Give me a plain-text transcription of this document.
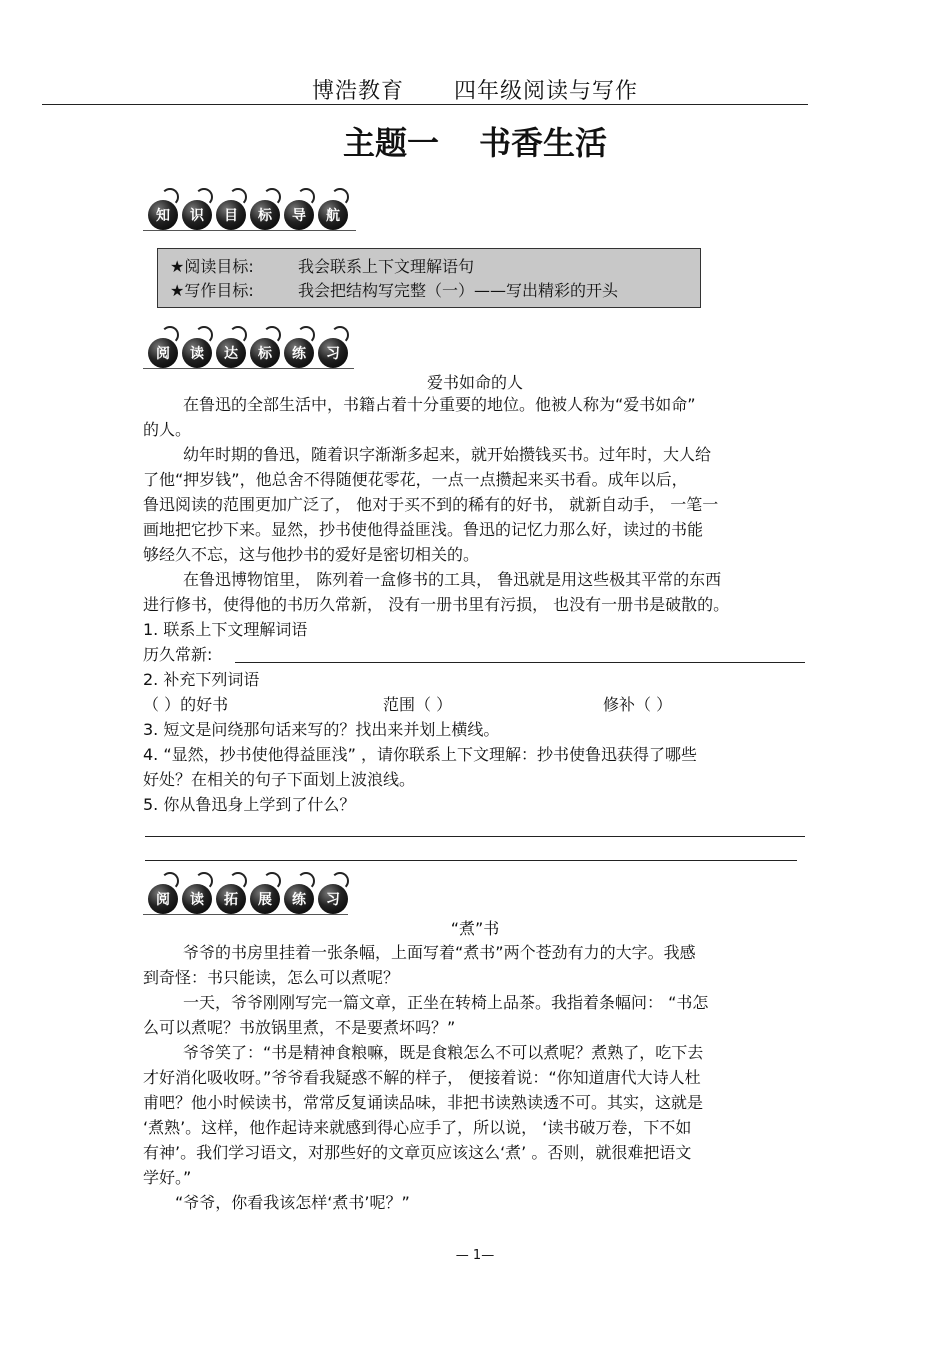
博浩教育 四年级阅读与写作
主题一 书香生活
知	识	目	标	导	航
★阅读目标:	我会联系上下文理解语句
★写作目标:	我会把结构写完整（一）——写出精彩的开头
阅	读	达	标	练	习
爱书如命的人
在鲁迅的全部生活中，书籍占着十分重要的地位。他被人称为“爱书如命”
的人。
幼年时期的鲁迅，随着识字渐渐多起来，就开始攒钱买书。过年时，大人给
了他“押岁钱”，他总舍不得随便花零花，一点一点攒起来买书看。成年以后，
鲁迅阅读的范围更加广泛了， 他对于买不到的稀有的好书， 就新自动手， 一笔一
画地把它抄下来。显然，抄书使他得益匪浅。鲁迅的记忆力那么好，读过的书能
够经久不忘，这与他抄书的爱好是密切相关的。
在鲁迅博物馆里， 陈列着一盒修书的工具， 鲁迅就是用这些极其平常的东西
进行修书，使得他的书历久常新， 没有一册书里有污损， 也没有一册书是破散的。
1. 联系上下文理解词语
历久常新:
2. 补充下列词语
（ ）的好书	范围（ ）	修补（ ）
3. 短文是问绕那句话来写的？找出来并划上横线。
4. “显然，抄书使他得益匪浅” ，请你联系上下文理解：抄书使鲁迅获得了哪些
好处？在相关的句子下面划上波浪线。
5. 你从鲁迅身上学到了什么？
阅	读	拓	展	练	习
“煮”书
爷爷的书房里挂着一张条幅，上面写着“煮书”两个苍劲有力的大字。我感
到奇怪：书只能读，怎么可以煮呢？
一天，爷爷刚刚写完一篇文章，正坐在转椅上品茶。我指着条幅问： “书怎
么可以煮呢？书放锅里煮，不是要煮坏吗？”
爷爷笑了：“书是精神食粮嘛，既是食粮怎么不可以煮呢？煮熟了，吃下去
才好消化吸收呀。”爷爷看我疑惑不解的样子， 便接着说：“你知道唐代大诗人杜
甫吧？他小时候读书，常常反复诵读品味，非把书读熟读透不可。其实，这就是
‘煮熟’。这样，他作起诗来就感到得心应手了，所以说， ‘读书破万卷，下不如
有神’。我们学习语文，对那些好的文章页应该这么‘煮’ 。否则，就很难把语文
学好。”
“爷爷，你看我该怎样‘煮书’呢？”
— 1—
